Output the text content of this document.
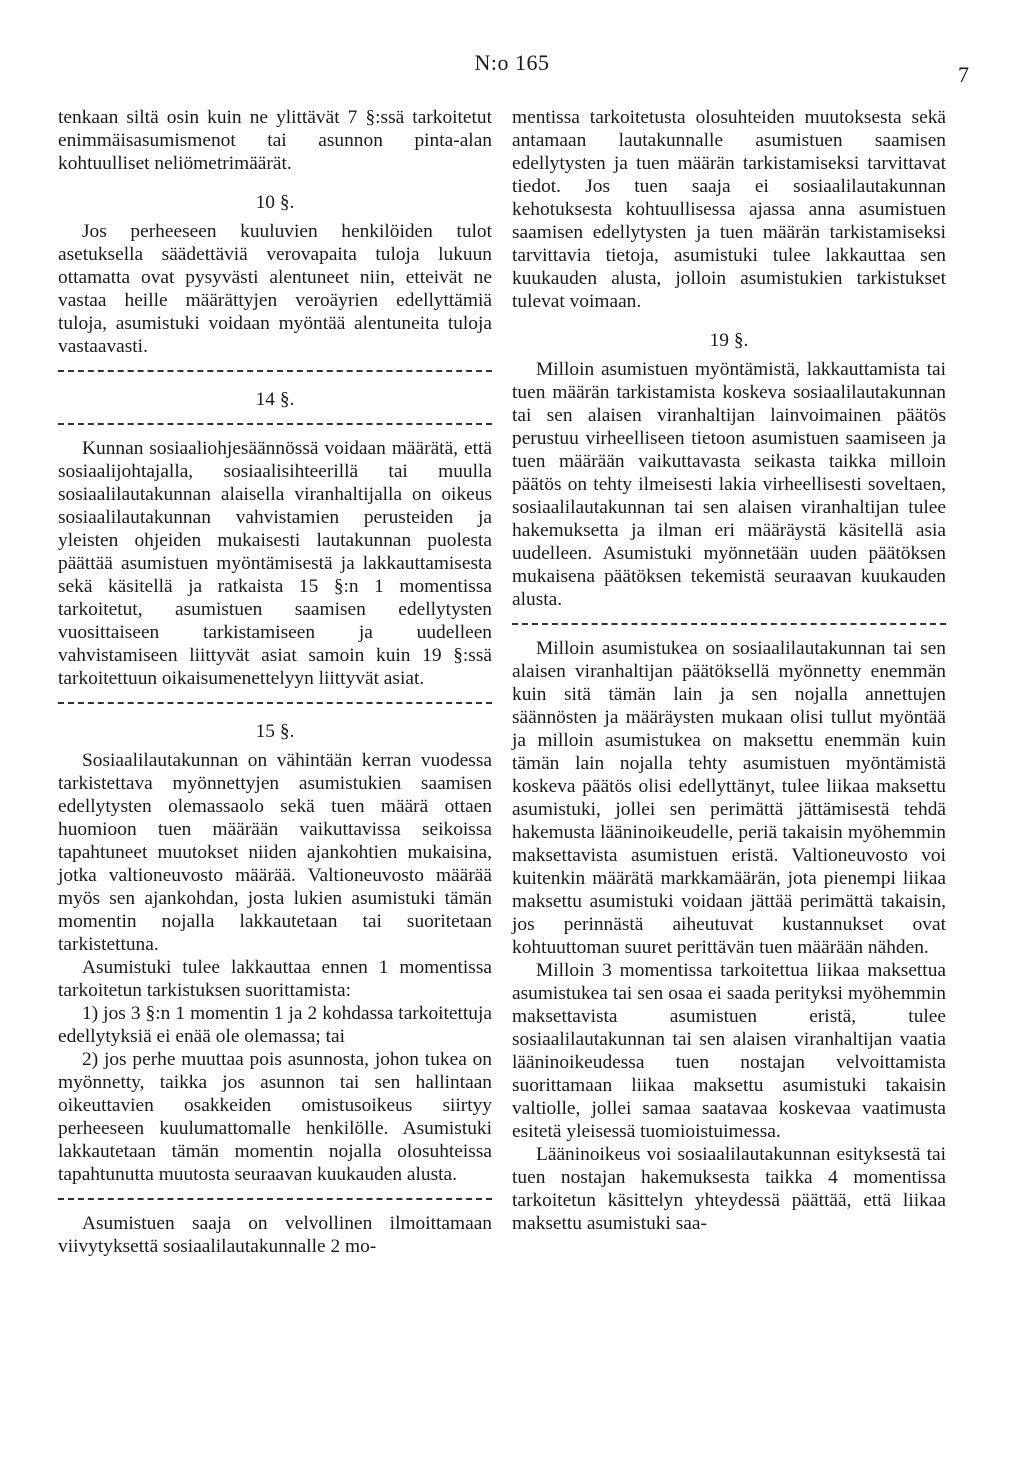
N:o 165	7

tenkaan siltä osin kuin ne ylittävät 7 §:ssä tarkoitetut enimmäisasumismenot tai asunnon pinta-alan kohtuulliset neliömetrimäärät.

10 §.

Jos perheeseen kuuluvien henkilöiden tulot asetuksella säädettäviä verovapaita tuloja lukuun ottamatta ovat pysyvästi alentuneet niin, etteivät ne vastaa heille määrättyjen veroäyrien edellyttämiä tuloja, asumistuki voidaan myöntää alentuneita tuloja vastaavasti.

14 §.

Kunnan sosiaaliohjesäännössä voidaan määrätä, että sosiaalijohtajalla, sosiaalisihteerillä tai muulla sosiaalilautakunnan alaisella viranhaltijalla on oikeus sosiaalilautakunnan vahvistamien perusteiden ja yleisten ohjeiden mukaisesti lautakunnan puolesta päättää asumistuen myöntämisestä ja lakkauttamisesta sekä käsitellä ja ratkaista 15 §:n 1 momentissa tarkoitetut, asumistuen saamisen edellytysten vuosittaiseen tarkistamiseen ja uudelleen vahvistamiseen liittyvät asiat samoin kuin 19 §:ssä tarkoitettuun oikaisumenettelyyn liittyvät asiat.

15 §.

Sosiaalilautakunnan on vähintään kerran vuodessa tarkistettava myönnettyjen asumistukien saamisen edellytysten olemassaolo sekä tuen määrä ottaen huomioon tuen määrään vaikuttavissa seikoissa tapahtuneet muutokset niiden ajankohtien mukaisina, jotka valtioneuvosto määrää. Valtioneuvosto määrää myös sen ajankohdan, josta lukien asumistuki tämän momentin nojalla lakkautetaan tai suoritetaan tarkistettuna.

Asumistuki tulee lakkauttaa ennen 1 momentissa tarkoitetun tarkistuksen suorittamista:

1) jos 3 §:n 1 momentin 1 ja 2 kohdassa tarkoitettuja edellytyksiä ei enää ole olemassa; tai

2) jos perhe muuttaa pois asunnosta, johon tukea on myönnetty, taikka jos asunnon tai sen hallintaan oikeuttavien osakkeiden omistusoikeus siirtyy perheeseen kuulumattomalle henkilölle. Asumistuki lakkautetaan tämän momentin nojalla olosuhteissa tapahtunutta muutosta seuraavan kuukauden alusta.

Asumistuen saaja on velvollinen ilmoittamaan viivytyksettä sosiaalilautakunnalle 2 mo-

mentissa tarkoitetusta olosuhteiden muutoksesta sekä antamaan lautakunnalle asumistuen saamisen edellytysten ja tuen määrän tarkistamiseksi tarvittavat tiedot. Jos tuen saaja ei sosiaalilautakunnan kehotuksesta kohtuullisessa ajassa anna asumistuen saamisen edellytysten ja tuen määrän tarkistamiseksi tarvittavia tietoja, asumistuki tulee lakkauttaa sen kuukauden alusta, jolloin asumistukien tarkistukset tulevat voimaan.

19 §.

Milloin asumistuen myöntämistä, lakkauttamista tai tuen määrän tarkistamista koskeva sosiaalilautakunnan tai sen alaisen viranhaltijan lainvoimainen päätös perustuu virheelliseen tietoon asumistuen saamiseen ja tuen määrään vaikuttavasta seikasta taikka milloin päätös on tehty ilmeisesti lakia virheellisesti soveltaen, sosiaalilautakunnan tai sen alaisen viranhaltijan tulee hakemuksetta ja ilman eri määräystä käsitellä asia uudelleen. Asumistuki myönnetään uuden päätöksen mukaisena päätöksen tekemistä seuraavan kuukauden alusta.

Milloin asumistukea on sosiaalilautakunnan tai sen alaisen viranhaltijan päätöksellä myönnetty enemmän kuin sitä tämän lain ja sen nojalla annettujen säännösten ja määräysten mukaan olisi tullut myöntää ja milloin asumistukea on maksettu enemmän kuin tämän lain nojalla tehty asumistuen myöntämistä koskeva päätös olisi edellyttänyt, tulee liikaa maksettu asumistuki, jollei sen perimättä jättämisestä tehdä hakemusta lääninoikeudelle, periä takaisin myöhemmin maksettavista asumistuen eristä. Valtioneuvosto voi kuitenkin määrätä markkamäärän, jota pienempi liikaa maksettu asumistuki voidaan jättää perimättä takaisin, jos perinnästä aiheutuvat kustannukset ovat kohtuuttoman suuret perittävän tuen määrään nähden.

Milloin 3 momentissa tarkoitettua liikaa maksettua asumistukea tai sen osaa ei saada perityksi myöhemmin maksettavista asumistuen eristä, tulee sosiaalilautakunnan tai sen alaisen viranhaltijan vaatia lääninoikeudessa tuen nostajan velvoittamista suorittamaan liikaa maksettu asumistuki takaisin valtiolle, jollei samaa saatavaa koskevaa vaatimusta esitetä yleisessä tuomioistuimessa.

Lääninoikeus voi sosiaalilautakunnan esityksestä tai tuen nostajan hakemuksesta taikka 4 momentissa tarkoitetun käsittelyn yhteydessä päättää, että liikaa maksettu asumistuki saa-
